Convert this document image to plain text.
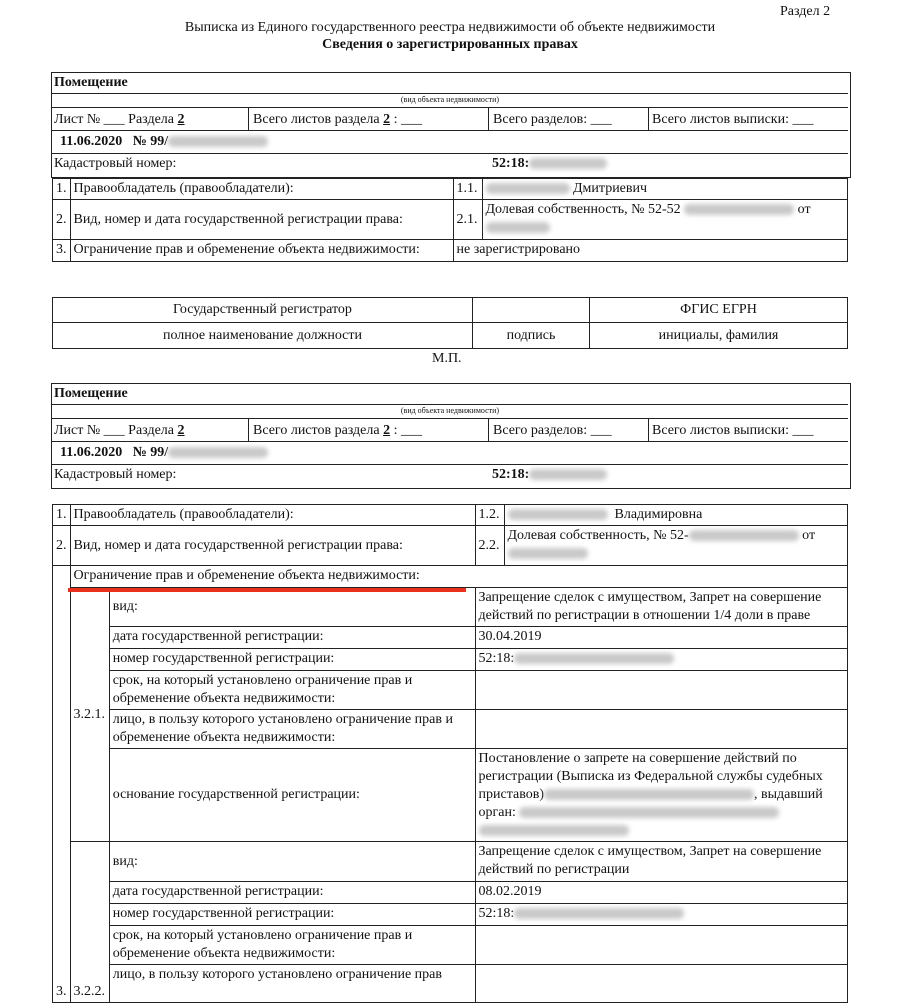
Раздел 2
Выписка из Единого государственного реестра недвижимости об объекте недвижимости
Сведения о зарегистрированных правах
Помещение
(вид объекта недвижимости)
Лист № ___ Раздела 2	Всего листов раздела 2 : ___	Всего разделов: ___	Всего листов выписки: ___
11.06.2020 № 99/
Кадастровый номер:	52:18:
1.	Правообладатель (правообладатели):	1.1.	Дмитриевич
2.	Вид, номер и дата государственной регистрации права:	2.1.	Долевая собственность, № 52-52 от

3.	Ограничение прав и обременение объекта недвижимости:	не зарегистрировано	
Государственный регистратор		ФГИС ЕГРН
полное наименование должности	подпись	инициалы, фамилия
М.П.
Помещение
(вид объекта недвижимости)
Лист № ___ Раздела 2	Всего листов раздела 2 : ___	Всего разделов: ___	Всего листов выписки: ___
11.06.2020 № 99/
Кадастровый номер:	52:18:
1.	Правообладатель (правообладатели):		1.2.	Владимировна
2.	Вид, номер и дата государственной регистрации права:		2.2.	Долевая собственность, № 52- от

3.	Ограничение прав и обременение объекта недвижимости:			
	3.2.1.	вид:	Запрещение сделок с имуществом, Запрет на совершение действий по регистрации в отношении 1/4 доли в праве	
		дата государственной регистрации:	30.04.2019	
		номер государственной регистрации:	52:18:	
		срок, на который установлено ограничение прав и обременение объекта недвижимости:		
		лицо, в пользу которого установлено ограничение прав и обременение объекта недвижимости:		
		основание государственной регистрации:	Постановление о запрете на совершение действий по регистрации (Выписка из Федеральной службы судебных приставов) , выдавший орган:	

	3.2.2.	вид:	Запрещение сделок с имуществом, Запрет на совершение действий по регистрации	
		дата государственной регистрации:	08.02.2019	
		номер государственной регистрации:	52:18:	
		срок, на который установлено ограничение прав и обременение объекта недвижимости:		
		лицо, в пользу которого установлено ограничение прав		
